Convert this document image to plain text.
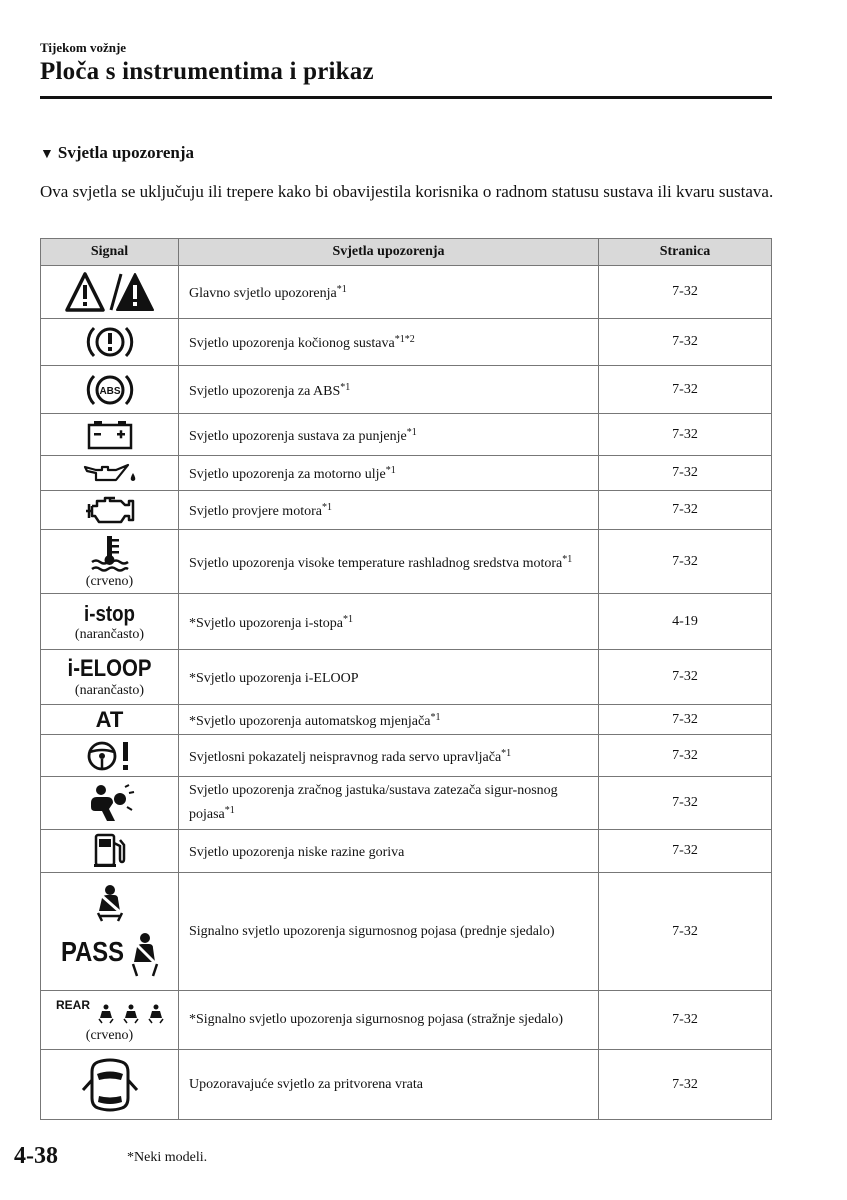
Tijekom vožnje
Ploča s instrumentima i prikaz
▼ Svjetla upozorenja
Ova svjetla se uključuju ili trepere kako bi obavijestila korisnika o radnom statusu sustava ili kvaru sustava.
Signal	Svjetla upozorenja	Stranica

	Glavno svjetlo upozorenja$^{*1}$	7-32

	Svjetlo upozorenja kočionog sustava$^{*1*2}$	7-32

ABS	Svjetlo upozorenja za ABS$^{*1}$	7-32

	Svjetlo upozorenja sustava za punjenje$^{*1}$	7-32

	Svjetlo upozorenja za motorno ulje$^{*1}$	7-32

	Svjetlo provjere motora$^{*1}$	7-32

(crveno)	Svjetlo upozorenja visoke temperature rashladnog sredstva motora$^{*1}$	7-32

i-stop
(narančasto)	*Svjetlo upozorenja i-stopa$^{*1}$	4-19

i-ELOOP
(narančasto)	*Svjetlo upozorenja i-ELOOP	7-32

AT	*Svjetlo upozorenja automatskog mjenjača$^{*1}$	7-32

	Svjetlosni pokazatelj neispravnog rada servo upravljača$^{*1}$	7-32

	Svjetlo upozorenja zračnog jastuka/sustava zatezača sigur-nosnog pojasa$^{*1}$	7-32

	Svjetlo upozorenja niske razine goriva	7-32

PASS	Signalno svjetlo upozorenja sigurnosnog pojasa (prednje sjedalo)	7-32

REAR
(crveno)	*Signalno svjetlo upozorenja sigurnosnog pojasa (stražnje sjedalo)	7-32

	Upozoravajuće svjetlo za pritvorena vrata	7-32
4-38	*Neki modeli.
